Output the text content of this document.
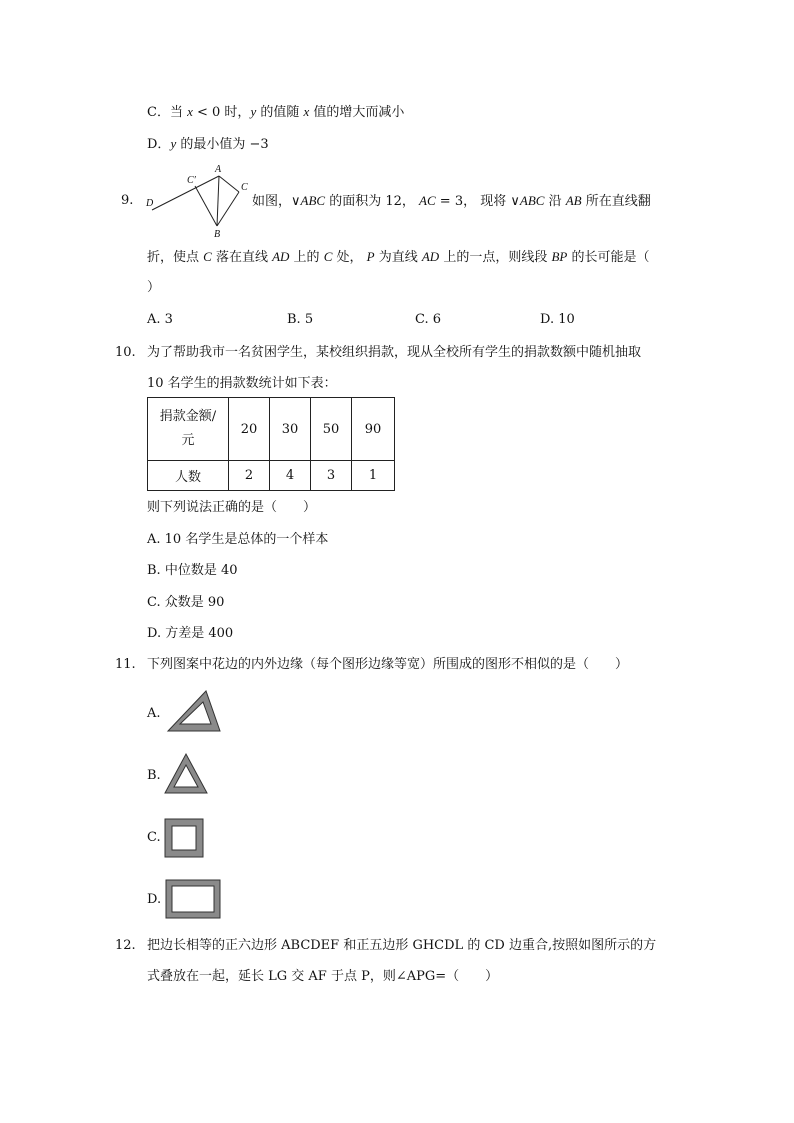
C．当 x < 0 时，y 的值随 x 值的增大而减小
D．y 的最小值为 −3
9. D
C′
A
C
B
如图，∨ABC 的面积为 12， AC = 3， 现将 ∨ABC 沿 AB 所在直线翻
折，使点 C 落在直线 AD 上的 C 处， P 为直线 AD 上的一点，则线段 BP 的长可能是（
）
A. 3	B. 5	C. 6	D. 10
10. 为了帮助我市一名贫困学生，某校组织捐款，现从全校所有学生的捐款数额中随机抽取
10 名学生的捐款数统计如下表：
捐款金额/
元	20	30	50	90
人数	2	4	3	1
则下列说法正确的是（　　）
A. 10 名学生是总体的一个样本
B. 中位数是 40
C. 众数是 90
D. 方差是 400
11. 下列图案中花边的内外边缘（每个图形边缘等宽）所围成的图形不相似的是（　　）
A.
B.
C.
D.
12. 把边长相等的正六边形 ABCDEF 和正五边形 GHCDL 的 CD 边重合,按照如图所示的方
式叠放在一起，延长 LG 交 AF 于点 P，则∠APG=（　　）
